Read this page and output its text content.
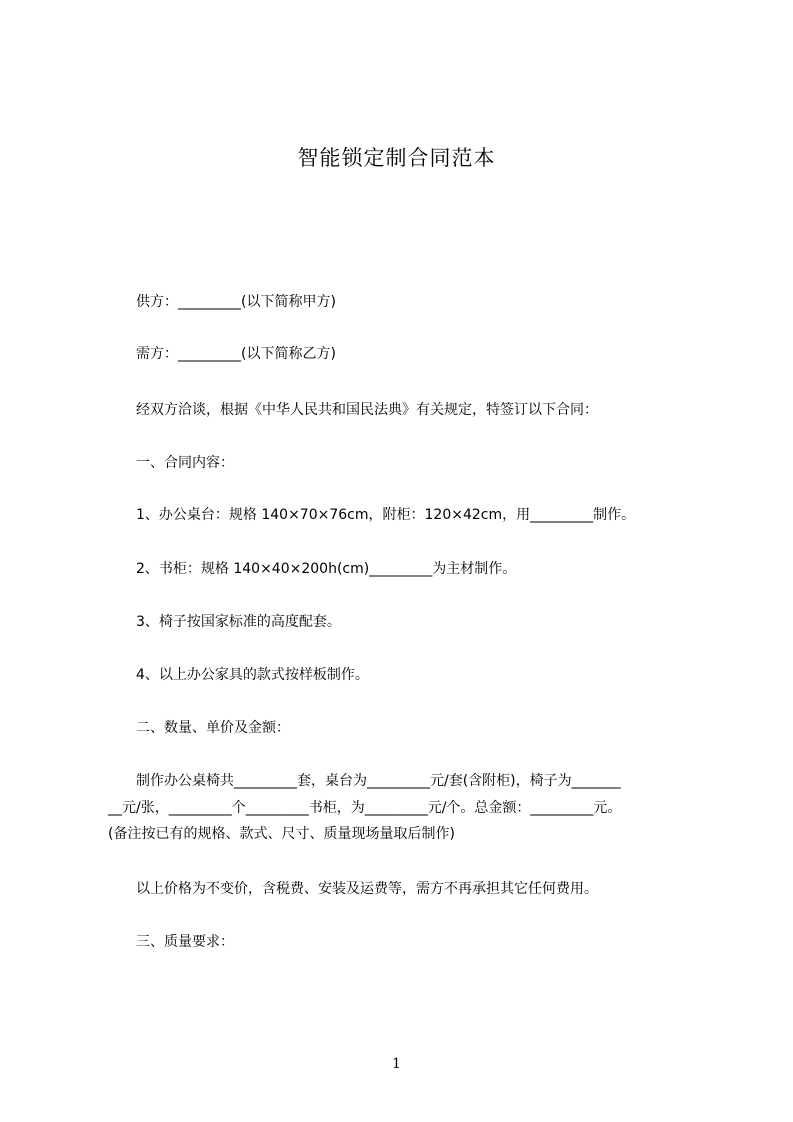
智能锁定制合同范本
供方：_________(以下简称甲方)
需方：_________(以下简称乙方)
经双方洽谈，根据《中华人民共和国民法典》有关规定，特签订以下合同：
一、合同内容：
1、办公桌台：规格 140×70×76cm，附柜：120×42cm，用_________制作。
2、书柜：规格 140×40×200h(cm)_________为主材制作。
3、椅子按国家标准的高度配套。
4、以上办公家具的款式按样板制作。
二、数量、单价及金额：
制作办公桌椅共_________套，桌台为_________元/套(含附柜)，椅子为_______
__元/张，_________个_________书柜，为_________元/个。总金额：_________元。
(备注按已有的规格、款式、尺寸、质量现场量取后制作)
以上价格为不变价，含税费、安装及运费等，需方不再承担其它任何费用。
三、质量要求：
1
